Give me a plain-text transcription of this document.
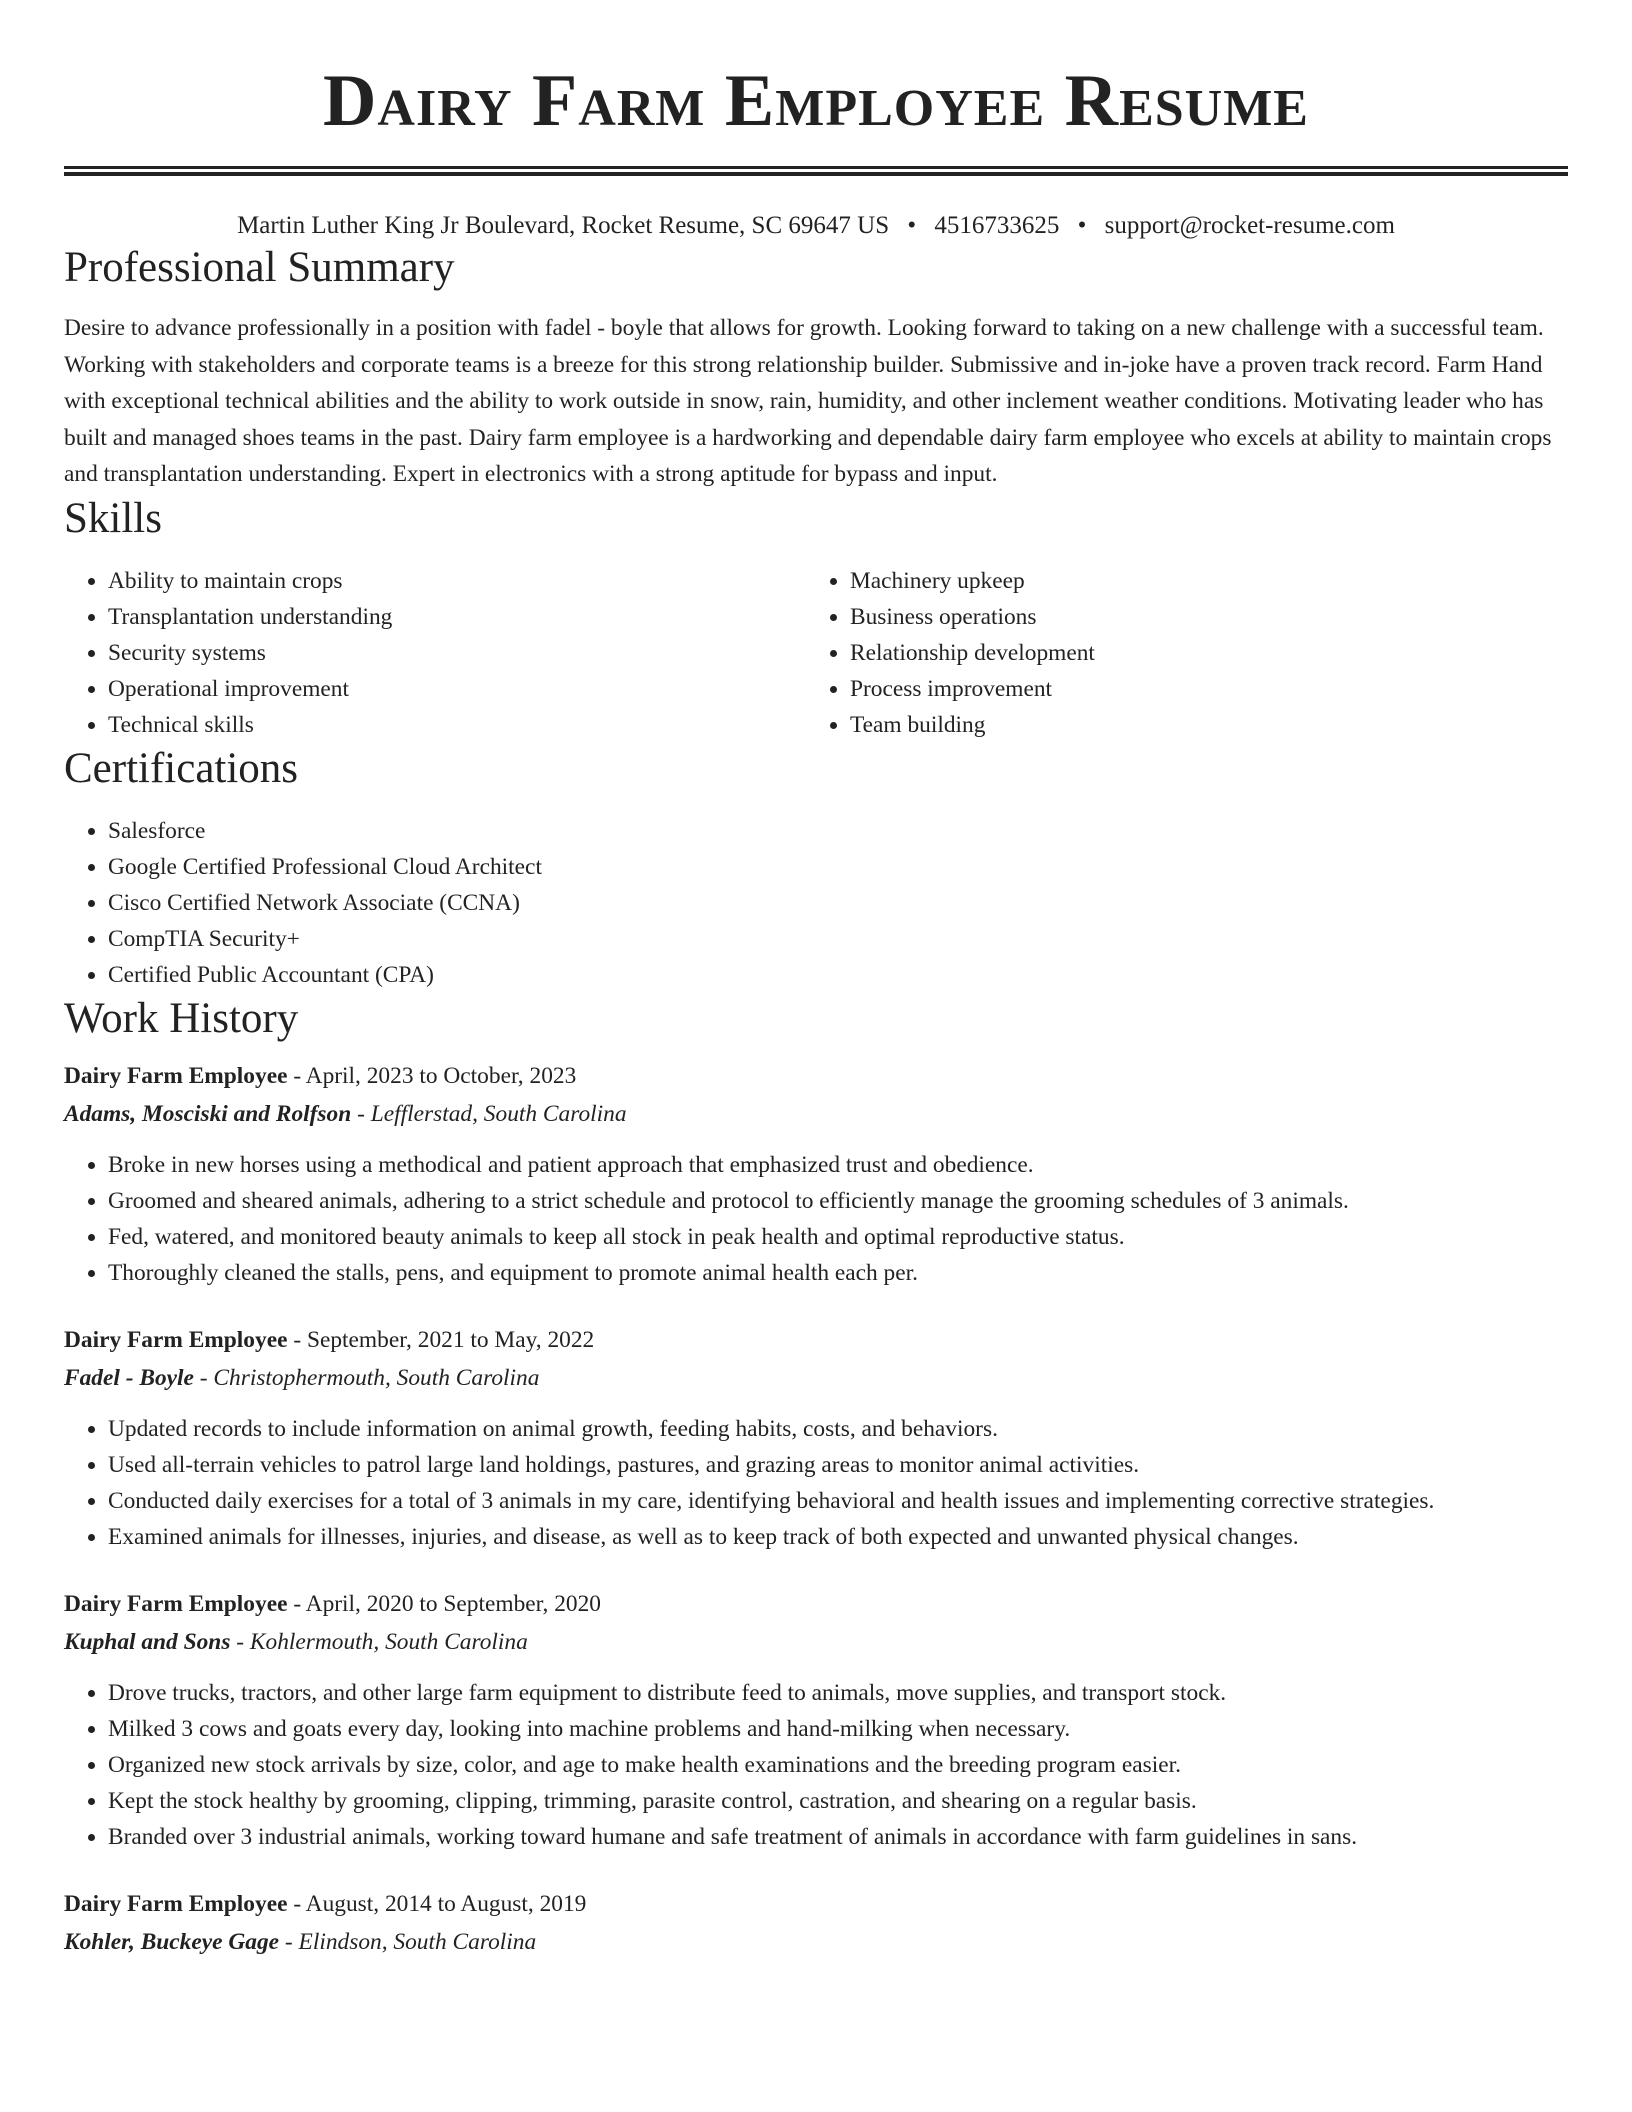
Dairy Farm Employee Resume
Martin Luther King Jr Boulevard, Rocket Resume, SC 69647 US • 4516733625 • support@rocket-resume.com
Professional Summary

Desire to advance professionally in a position with fadel - boyle that allows for growth. Looking forward to taking on a new challenge with a successful team. Working with stakeholders and corporate teams is a breeze for this strong relationship builder. Submissive and in-joke have a proven track record. Farm Hand with exceptional technical abilities and the ability to work outside in snow, rain, humidity, and other inclement weather conditions. Motivating leader who has built and managed shoes teams in the past. Dairy farm employee is a hardworking and dependable dairy farm employee who excels at ability to maintain crops and transplantation understanding. Expert in electronics with a strong aptitude for bypass and input.

Skills
• Ability to maintain crops
• Transplantation understanding
• Security systems
• Operational improvement
• Technical skills
• Machinery upkeep
• Business operations
• Relationship development
• Process improvement
• Team building
Certifications
• Salesforce
• Google Certified Professional Cloud Architect
• Cisco Certified Network Associate (CCNA)
• CompTIA Security+
• Certified Public Accountant (CPA)
Work History
Dairy Farm Employee - April, 2023 to October, 2023
Adams, Mosciski and Rolfson - Lefflerstad, South Carolina
• Broke in new horses using a methodical and patient approach that emphasized trust and obedience.
• Groomed and sheared animals, adhering to a strict schedule and protocol to efficiently manage the grooming schedules of 3 animals.
• Fed, watered, and monitored beauty animals to keep all stock in peak health and optimal reproductive status.
• Thoroughly cleaned the stalls, pens, and equipment to promote animal health each per.
Dairy Farm Employee - September, 2021 to May, 2022
Fadel - Boyle - Christophermouth, South Carolina
• Updated records to include information on animal growth, feeding habits, costs, and behaviors.
• Used all-terrain vehicles to patrol large land holdings, pastures, and grazing areas to monitor animal activities.
• Conducted daily exercises for a total of 3 animals in my care, identifying behavioral and health issues and implementing corrective strategies.
• Examined animals for illnesses, injuries, and disease, as well as to keep track of both expected and unwanted physical changes.
Dairy Farm Employee - April, 2020 to September, 2020
Kuphal and Sons - Kohlermouth, South Carolina
• Drove trucks, tractors, and other large farm equipment to distribute feed to animals, move supplies, and transport stock.
• Milked 3 cows and goats every day, looking into machine problems and hand-milking when necessary.
• Organized new stock arrivals by size, color, and age to make health examinations and the breeding program easier.
• Kept the stock healthy by grooming, clipping, trimming, parasite control, castration, and shearing on a regular basis.
• Branded over 3 industrial animals, working toward humane and safe treatment of animals in accordance with farm guidelines in sans.
Dairy Farm Employee - August, 2014 to August, 2019
Kohler, Buckeye Gage - Elindson, South Carolina
